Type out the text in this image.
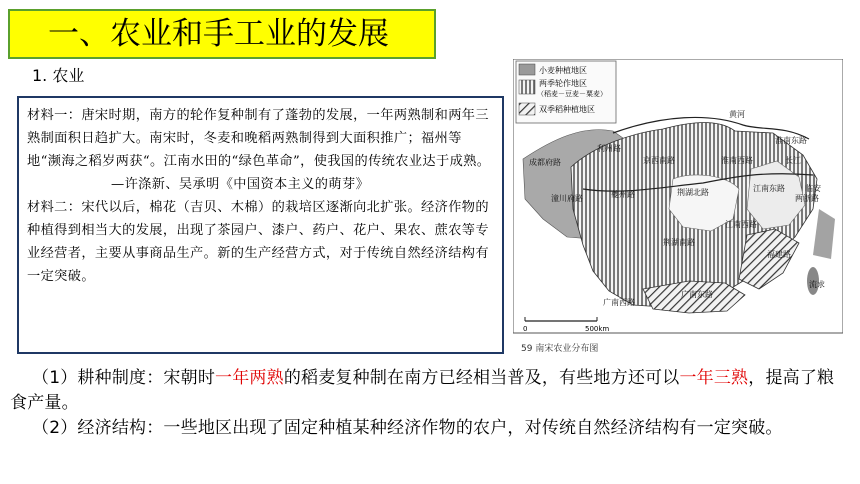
一、农业和手工业的发展
1. 农业

材料一：唐宋时期，南方的轮作复种制有了蓬勃的发展，一年两熟制和两年三熟制面积日趋扩大。南宋时，冬麦和晚稻两熟制得到大面积推广；福州等地“濒海之稻岁两获“。江南水田的“绿色革命”，使我国的传统农业达于成熟。

—许涤新、吴承明《中国资本主义的萌芽》

材料二：宋代以后，棉花（吉贝、木棉）的栽培区逐渐向北扩张。经济作物的种植得到相当大的发展，出现了茶园户、漆户、药户、花户、果农、蔗农等专业经营者，主要从事商品生产。新的生产经营方式，对于传统自然经济结构有一定突破。

小麦种植地区
两季轮作地区
（稻麦－豆麦－粟麦）
双季稻种植地区
黄河
淮南东路
淮南西路
京西南路
利州路
成都府路
潼川府路	夔州路	荆湖北路
荆湖南路
江南东路
江南西路
两浙路
临安
福建路
广南西路
广南东路
长江
流求
0	500km
59 南宋农业分布图

（1）耕种制度：宋朝时一年两熟的稻麦复种制在南方已经相当普及，有些地方还可以一年三熟，提高了粮食产量。

（2）经济结构：一些地区出现了固定种植某种经济作物的农户，对传统自然经济结构有一定突破。
